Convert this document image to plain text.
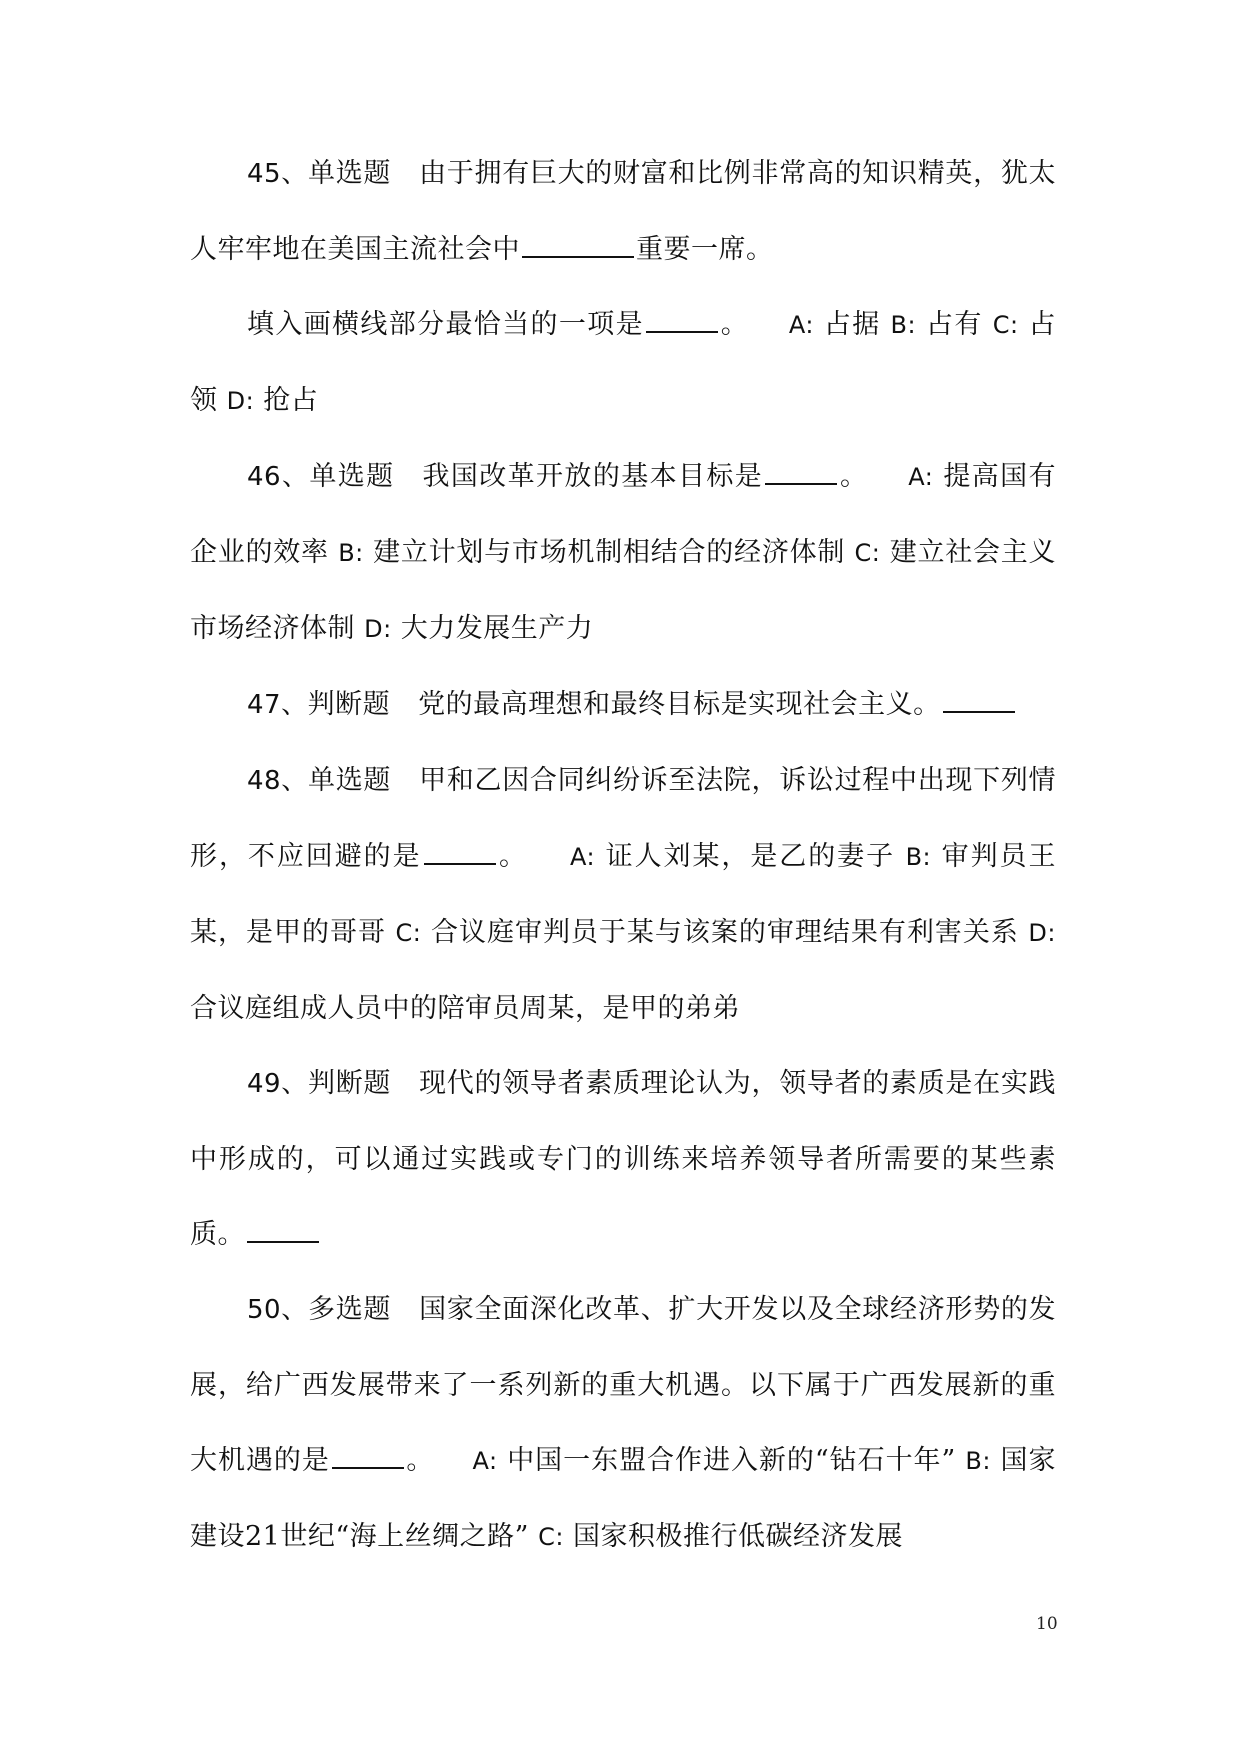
45、单选题 由于拥有巨大的财富和比例非常高的知识精英，犹太人牢牢地在美国主流社会中	重要一席。

填入画横线部分最恰当的一项是	。 A: 占据 B: 占有 C: 占领 D: 抢占

46、单选题 我国改革开放的基本目标是	。 A: 提高国有企业的效率 B: 建立计划与市场机制相结合的经济体制 C: 建立社会主义市场经济体制 D: 大力发展生产力

47、判断题 党的最高理想和最终目标是实现社会主义。

48、单选题 甲和乙因合同纠纷诉至法院，诉讼过程中出现下列情形，不应回避的是	。 A: 证人刘某，是乙的妻子 B: 审判员王某，是甲的哥哥 C: 合议庭审判员于某与该案的审理结果有利害关系 D: 合议庭组成人员中的陪审员周某，是甲的弟弟

49、判断题 现代的领导者素质理论认为，领导者的素质是在实践中形成的，可以通过实践或专门的训练来培养领导者所需要的某些素质。

50、多选题 国家全面深化改革、扩大开发以及全球经济形势的发展，给广西发展带来了一系列新的重大机遇。以下属于广西发展新的重大机遇的是	。 A: 中国一东盟合作进入新的“钻石十年” B: 国家建设21世纪“海上丝绸之路” C: 国家积极推行低碳经济发展

10
